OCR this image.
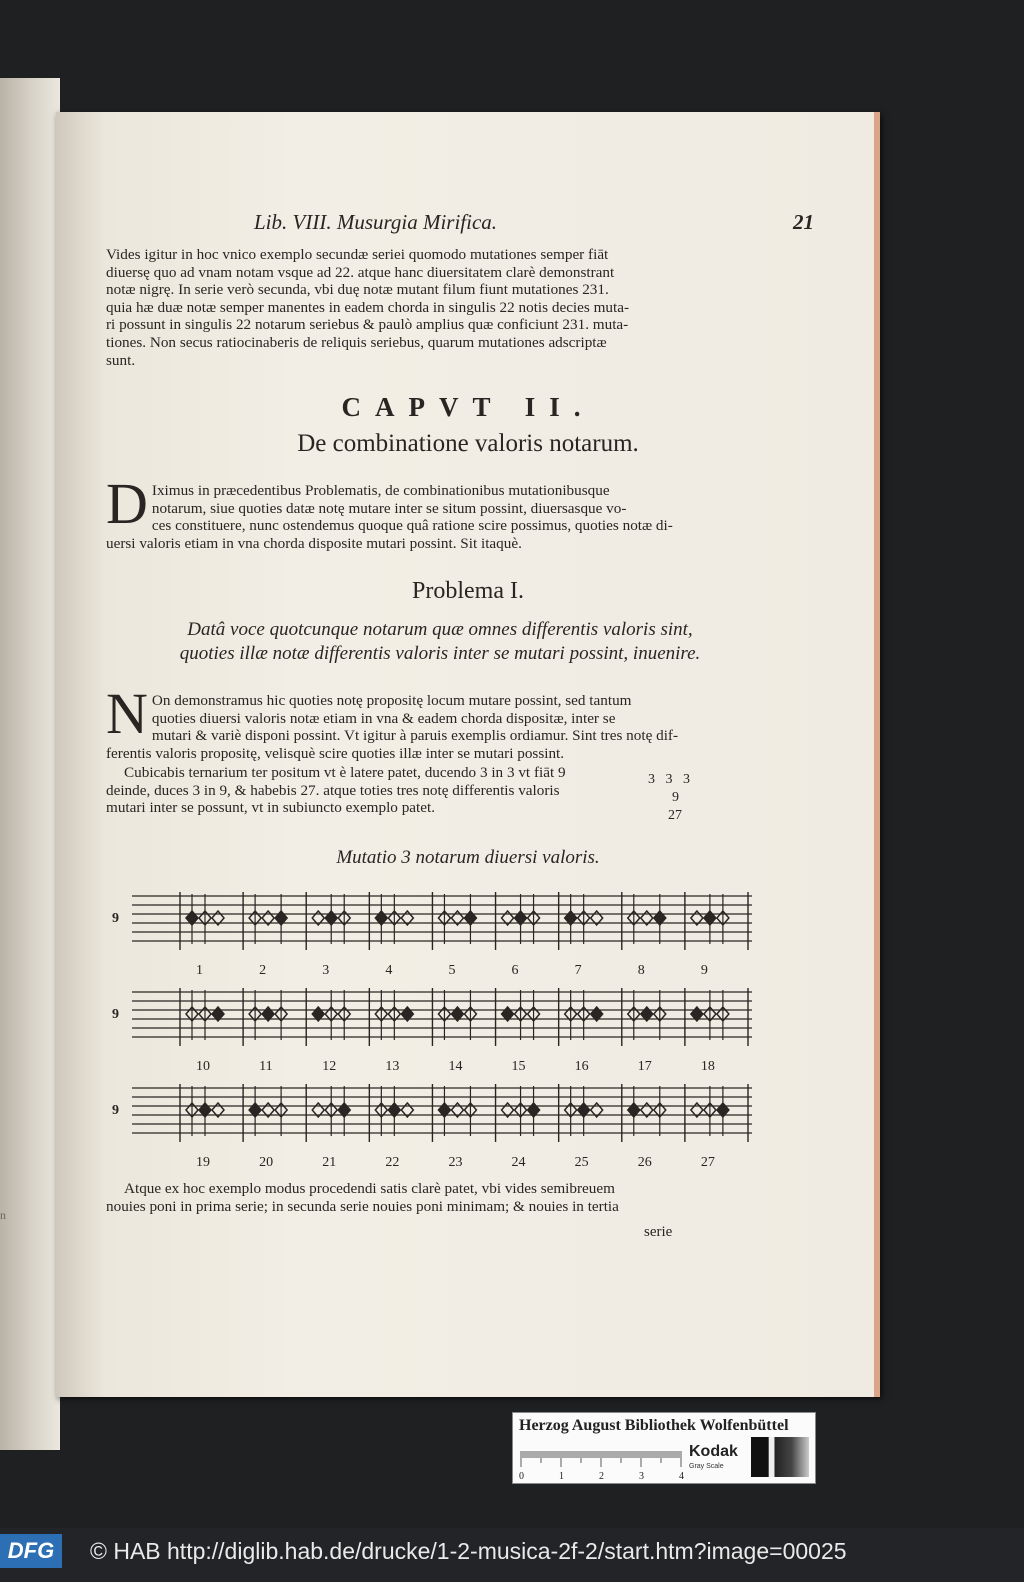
n
Lib. VIII. Musurgia Mirifica.	21
Vides igitur in hoc vnico exemplo secundæ seriei quomodo mutationes semper fiāt
diuersę quo ad vnam notam vsque ad 22. atque hanc diuersitatem clarè demonstrant
notæ nigrę. In serie verò secunda, vbi duę notæ mutant filum fiunt mutationes 231.
quia hæ duæ notæ semper manentes in eadem chorda in singulis 22 notis decies muta-
ri possunt in singulis 22 notarum seriebus & paulò amplius quæ conficiunt 231. muta-
tiones. Non secus ratiocinaberis de reliquis seriebus, quarum mutationes adscriptæ
sunt.
CAPVT II.
De combinatione valoris notarum.
D Iximus in præcedentibus Problematis, de combinationibus mutationibusque
notarum, siue quoties datæ notę mutare inter se situm possint, diuersasque vo-
ces constituere, nunc ostendemus quoque quâ ratione scire possimus, quoties notæ di-
uersi valoris etiam in vna chorda disposite mutari possint. Sit itaquè.
Problema I.
Datâ voce quotcunque notarum quæ omnes differentis valoris sint,
quoties illæ notæ differentis valoris inter se mutari possint, inuenire.
N On demonstramus hic quoties notę propositę locum mutare possint, sed tantum
quoties diuersi valoris notæ etiam in vna & eadem chorda dispositæ, inter se
mutari & variè disponi possint. Vt igitur à paruis exemplis ordiamur. Sint tres notę dif-
ferentis valoris propositę, velisquè scire quoties illæ inter se mutari possint.
Cubicabis ternarium ter positum vt è latere patet, ducendo 3 in 3 vt fiāt 9
deinde, duces 3 in 9, & habebis 27. atque toties tres notę differentis valoris
mutari inter se possunt, vt in subiuncto exemplo patet.
3   3   3
9
27
Mutatio 3 notarum diuersi valoris.
9
1	2	3	4	5	6	7	8	9
9
10	11	12	13	14	15	16	17	18
9
19	20	21	22	23	24	25	26	27
Atque ex hoc exemplo modus procedendi satis clarè patet, vbi vides semibreuem
nouies poni in prima serie; in secunda serie nouies poni minimam; & nouies in tertia
serie
Herzog August Bibliothek Wolfenbüttel
0	1	2	3	4
Kodak
Gray Scale
DFG	© HAB http://diglib.hab.de/drucke/1-2-musica-2f-2/start.htm?image=00025
